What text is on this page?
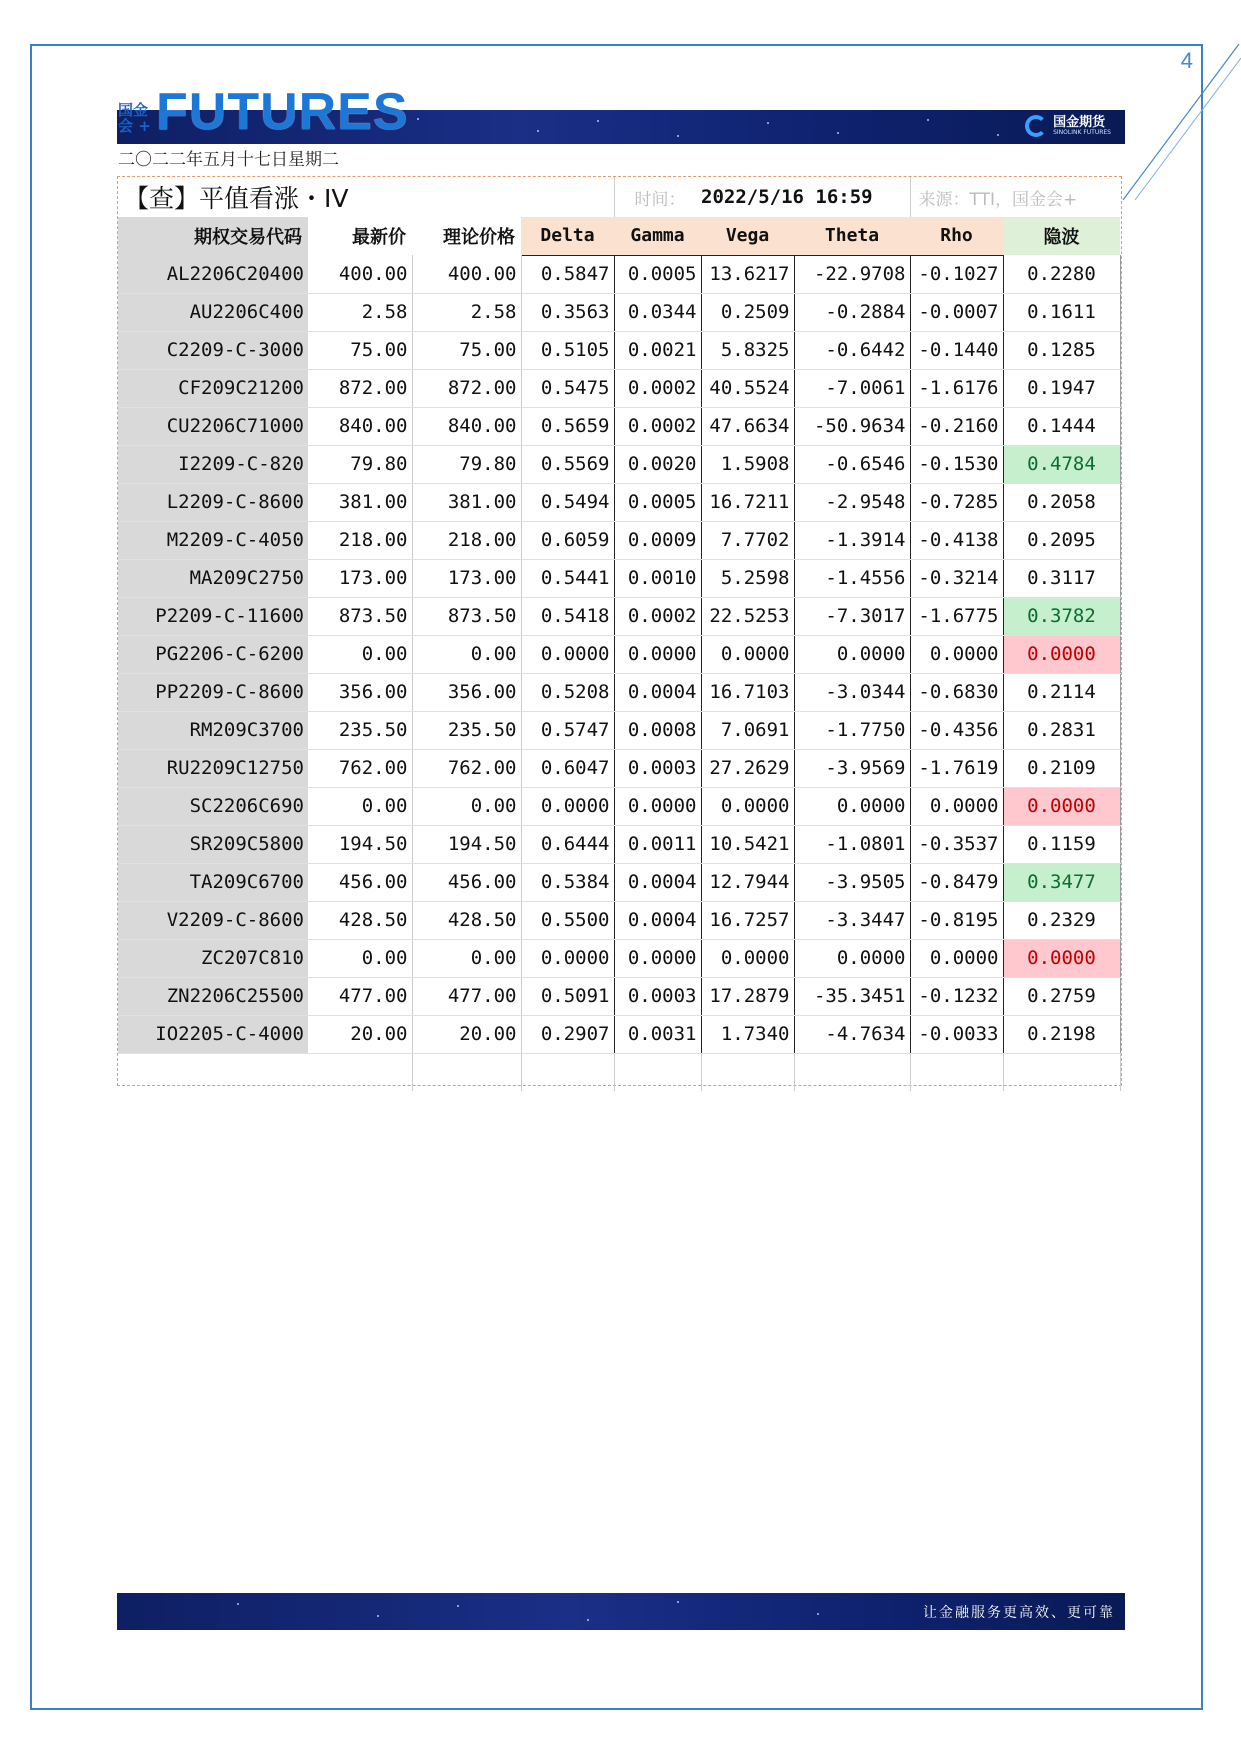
4
国金期货
SINOLINK FUTURES
国金
会 + FUTURES
二〇二二年五月十七日星期二
【查】平值看涨・IV				时间：	2022/5/16 16:59		来源：TTI，国金会+	
期权交易代码	最新价	理论价格	Delta	Gamma	Vega	Theta	Rho	隐波
AL2206C20400	400.00	400.00	0.5847	0.0005	13.6217	-22.9708	-0.1027	0.2280
AU2206C400	2.58	2.58	0.3563	0.0344	0.2509	-0.2884	-0.0007	0.1611
C2209-C-3000	75.00	75.00	0.5105	0.0021	5.8325	-0.6442	-0.1440	0.1285
CF209C21200	872.00	872.00	0.5475	0.0002	40.5524	-7.0061	-1.6176	0.1947
CU2206C71000	840.00	840.00	0.5659	0.0002	47.6634	-50.9634	-0.2160	0.1444
I2209-C-820	79.80	79.80	0.5569	0.0020	1.5908	-0.6546	-0.1530	0.4784
L2209-C-8600	381.00	381.00	0.5494	0.0005	16.7211	-2.9548	-0.7285	0.2058
M2209-C-4050	218.00	218.00	0.6059	0.0009	7.7702	-1.3914	-0.4138	0.2095
MA209C2750	173.00	173.00	0.5441	0.0010	5.2598	-1.4556	-0.3214	0.3117
P2209-C-11600	873.50	873.50	0.5418	0.0002	22.5253	-7.3017	-1.6775	0.3782
PG2206-C-6200	0.00	0.00	0.0000	0.0000	0.0000	0.0000	0.0000	0.0000
PP2209-C-8600	356.00	356.00	0.5208	0.0004	16.7103	-3.0344	-0.6830	0.2114
RM209C3700	235.50	235.50	0.5747	0.0008	7.0691	-1.7750	-0.4356	0.2831
RU2209C12750	762.00	762.00	0.6047	0.0003	27.2629	-3.9569	-1.7619	0.2109
SC2206C690	0.00	0.00	0.0000	0.0000	0.0000	0.0000	0.0000	0.0000
SR209C5800	194.50	194.50	0.6444	0.0011	10.5421	-1.0801	-0.3537	0.1159
TA209C6700	456.00	456.00	0.5384	0.0004	12.7944	-3.9505	-0.8479	0.3477
V2209-C-8600	428.50	428.50	0.5500	0.0004	16.7257	-3.3447	-0.8195	0.2329
ZC207C810	0.00	0.00	0.0000	0.0000	0.0000	0.0000	0.0000	0.0000
ZN2206C25500	477.00	477.00	0.5091	0.0003	17.2879	-35.3451	-0.1232	0.2759
IO2205-C-4000	20.00	20.00	0.2907	0.0031	1.7340	-4.7634	-0.0033	0.2198

让金融服务更高效、更可靠
